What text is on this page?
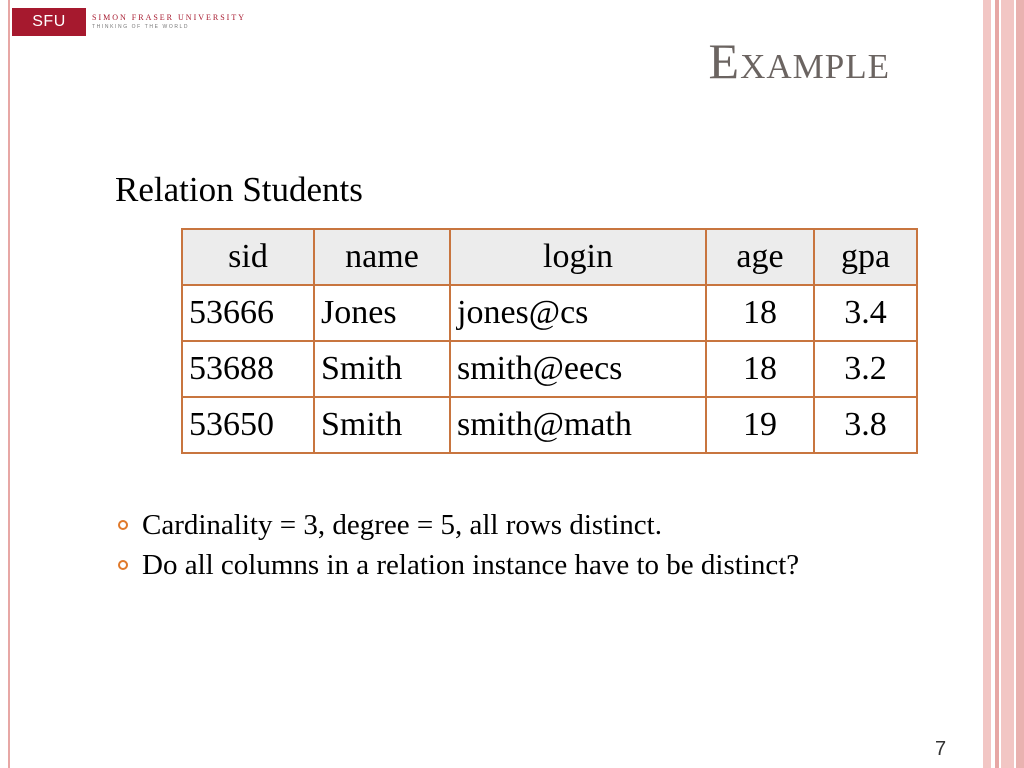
SFU	SIMON FRASER UNIVERSITY
THINKING OF THE WORLD
Example
Relation Students
sid	name	login	age	gpa
53666	Jones	jones@cs	18	3.4
53688	Smith	smith@eecs	18	3.2
53650	Smith	smith@math	19	3.8
Cardinality = 3, degree = 5, all rows distinct.
Do all columns in a relation instance have to be distinct?
7
